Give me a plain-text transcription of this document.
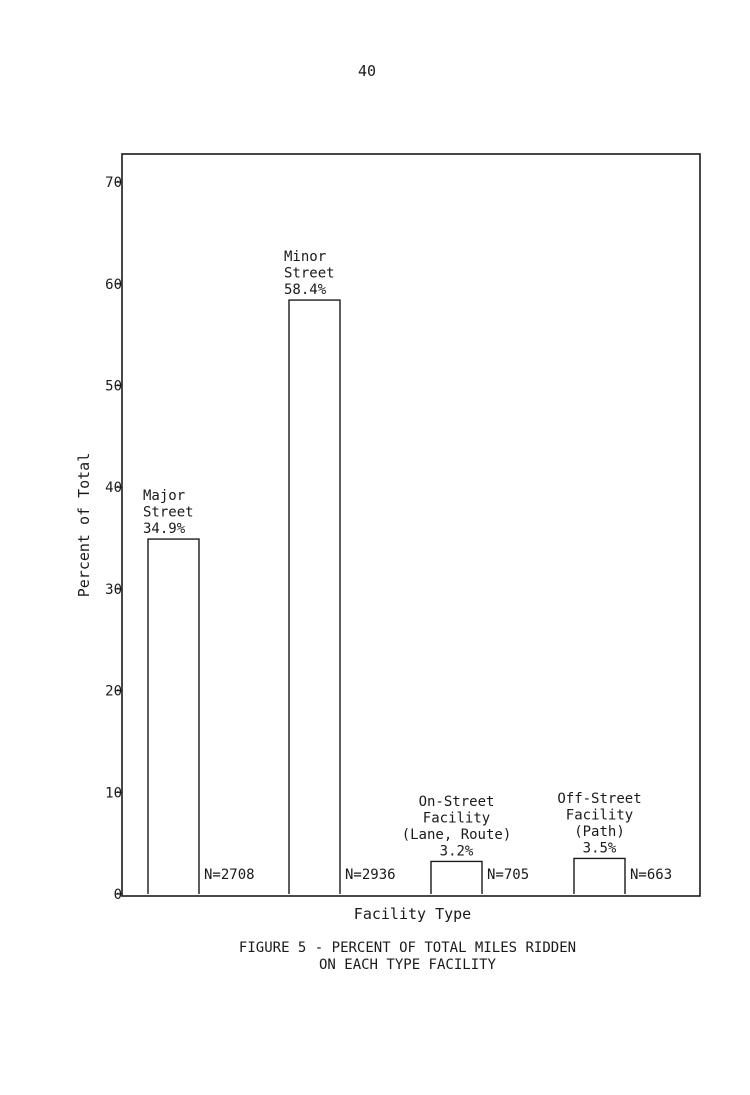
40
0
10
20
30
40
50
60
70
N=2708
Major
Street
34.9%
N=2936
Minor
Street
58.4%
N=705
On-Street
Facility
(Lane, Route)
3.2%
N=663
Off-Street
Facility
(Path)
3.5%
Percent of Total
Facility Type
FIGURE 5 - PERCENT OF TOTAL MILES RIDDEN
ON EACH TYPE FACILITY
